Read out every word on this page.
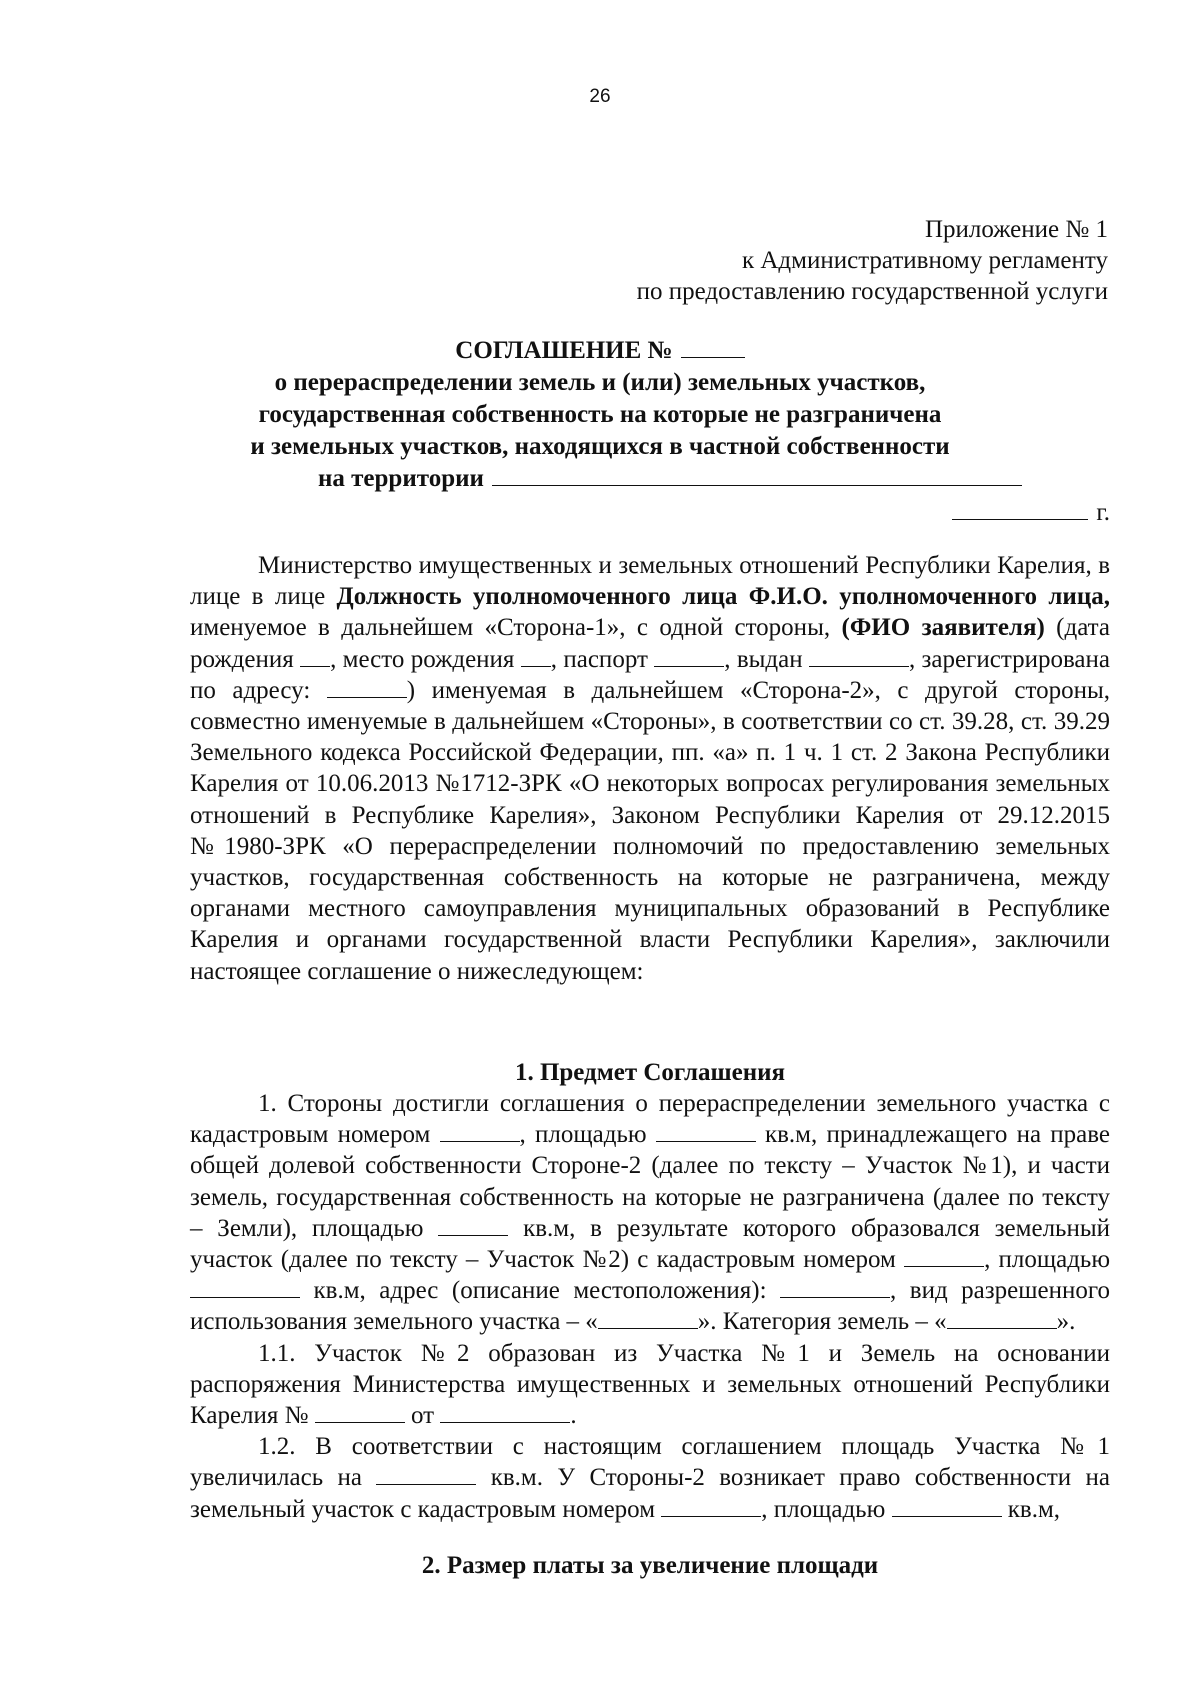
26
Приложение № 1
к Административному регламенту
по предоставлению государственной услуги
СОГЛАШЕНИЕ №
о перераспределении земель и (или) земельных участков,
государственная собственность на которые не разграничена
и земельных участков, находящихся в частной собственности
на территории
г.

Министерство имущественных и земельных отношений Республики Карелия, в лице в лице Должность уполномоченного лица Ф.И.О. уполномоченного лица, именуемое в дальнейшем «Сторона-1», с одной стороны, (ФИО заявителя) (дата рождения , место рождения , паспорт	, выдан	, зарегистрирована по адресу:	) именуемая в дальнейшем «Сторона-2», с другой стороны, совместно именуемые в дальнейшем «Стороны», в соответствии со ст. 39.28, ст. 39.29 Земельного кодекса Российской Федерации, пп. «а» п. 1 ч. 1 ст. 2 Закона Республики Карелия от 10.06.2013 №1712-ЗРК «О некоторых вопросах регулирования земельных отношений в Республике Карелия», Законом Республики Карелия от 29.12.2015 №1980-ЗРК «О перераспределении полномочий по предоставлению земельных участков, государственная собственность на которые не разграничена, между органами местного самоуправления муниципальных образований в Республике Карелия и органами государственной власти Республики Карелия», заключили настоящее соглашение о нижеследующем:

1. Предмет Соглашения

1. Стороны достигли соглашения о перераспределении земельного участка с кадастровым номером	, площадью	кв.м, принадлежащего на праве общей долевой собственности Стороне-2 (далее по тексту – Участок №1), и части земель, государственная собственность на которые не разграничена (далее по тексту – Земли), площадью	кв.м, в результате которого образовался земельный участок (далее по тексту – Участок №2) с кадастровым номером	, площадью  кв.м, адрес (описание местоположения):	, вид разрешенного использования земельного участка – «	». Категория земель – «	».

1.1. Участок №2 образован из Участка №1 и Земель на основании распоряжения Министерства имущественных и земельных отношений Республики Карелия №	от	.

1.2. В соответствии с настоящим соглашением площадь Участка №1 увеличилась на	кв.м. У Стороны-2 возникает право собственности на земельный участок с кадастровым номером	, площадью	кв.м,

2. Размер платы за увеличение площади
